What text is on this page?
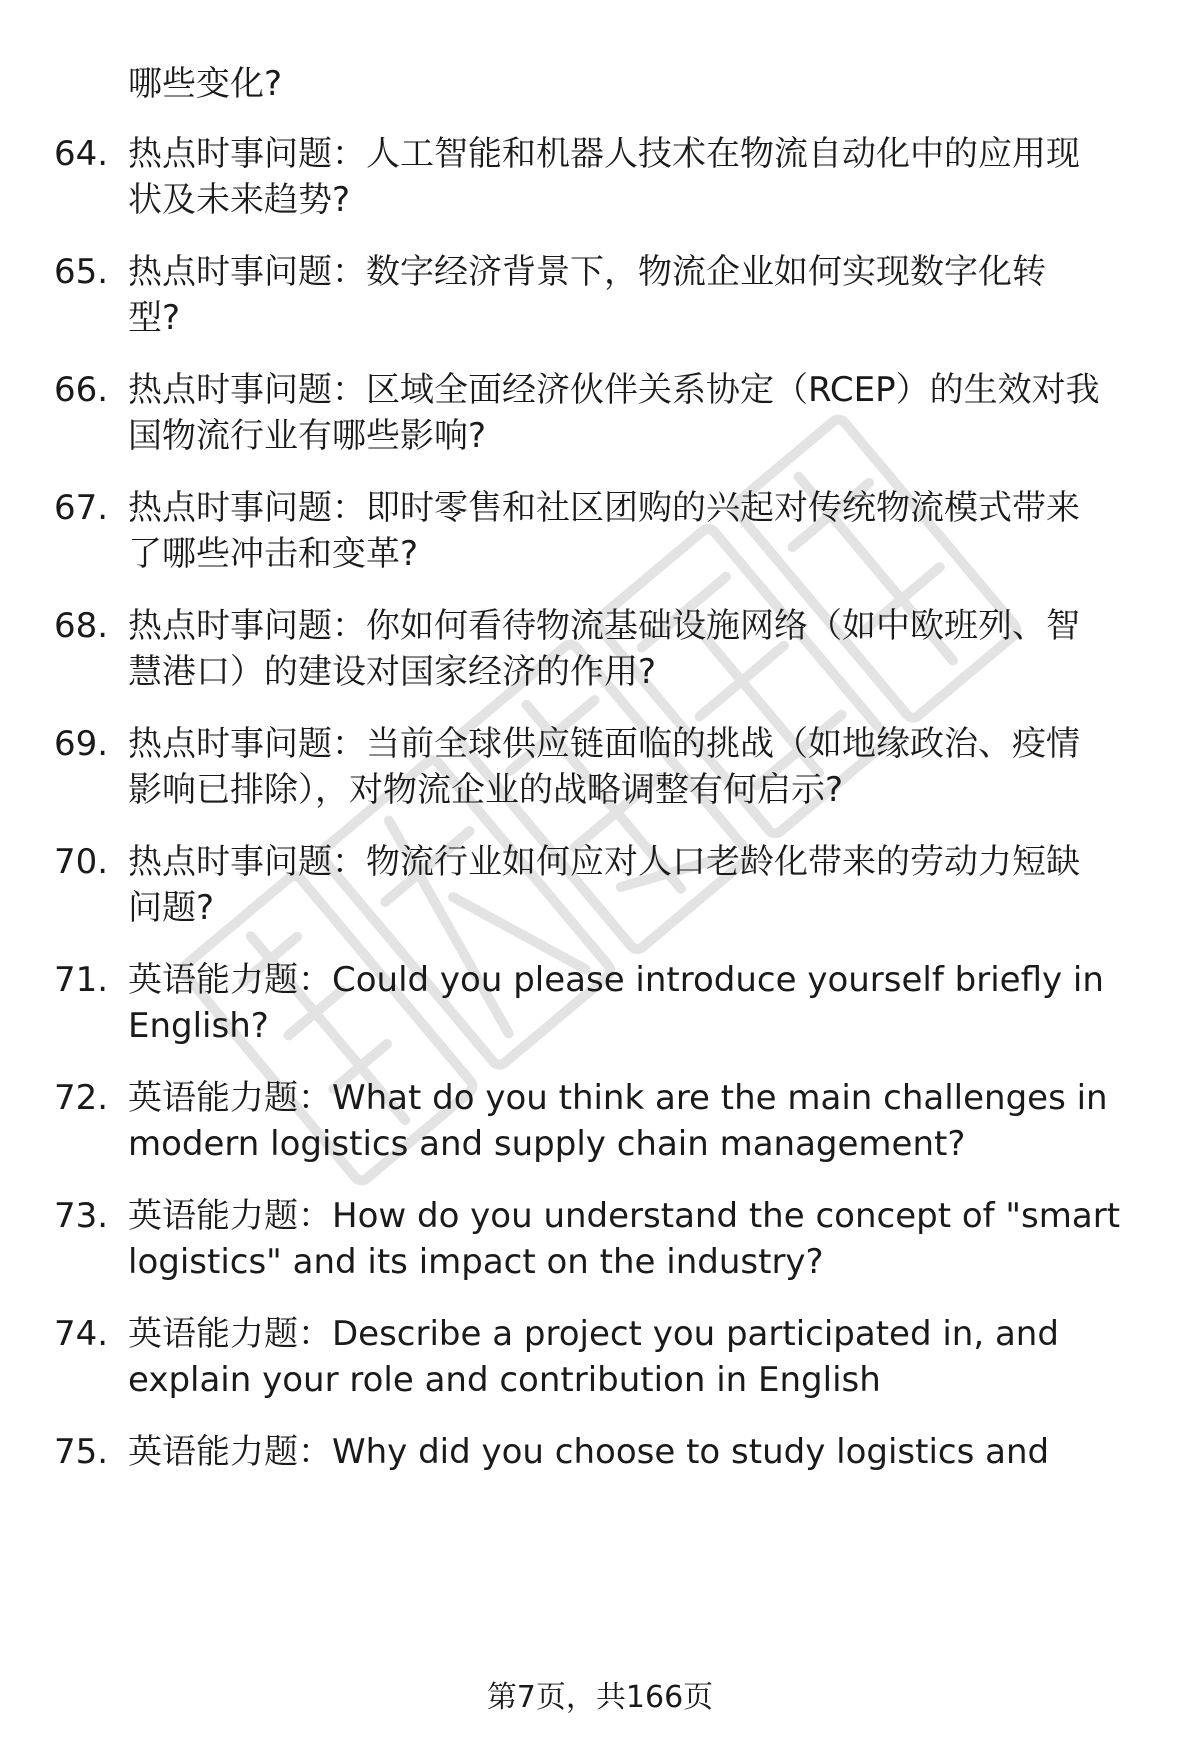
哪些变化?
64. 热点时事问题：人工智能和机器人技术在物流自动化中的应用现
状及未来趋势?
65. 热点时事问题：数字经济背景下，物流企业如何实现数字化转
型?
66. 热点时事问题：区域全面经济伙伴关系协定（RCEP）的生效对我
国物流行业有哪些影响?
67. 热点时事问题：即时零售和社区团购的兴起对传统物流模式带来
了哪些冲击和变革?
68. 热点时事问题：你如何看待物流基础设施网络（如中欧班列、智
慧港口）的建设对国家经济的作用?
69. 热点时事问题：当前全球供应链面临的挑战（如地缘政治、疫情
影响已排除），对物流企业的战略调整有何启示?
70. 热点时事问题：物流行业如何应对人口老龄化带来的劳动力短缺
问题?
71. 英语能力题：Could you please introduce yourself briefly in
English?
72. 英语能力题：What do you think are the main challenges in
modern logistics and supply chain management?
73. 英语能力题：How do you understand the concept of "smart
logistics" and its impact on the industry?
74. 英语能力题：Describe a project you participated in, and
explain your role and contribution in English
75. 英语能力题：Why did you choose to study logistics and
第7页，共166页
